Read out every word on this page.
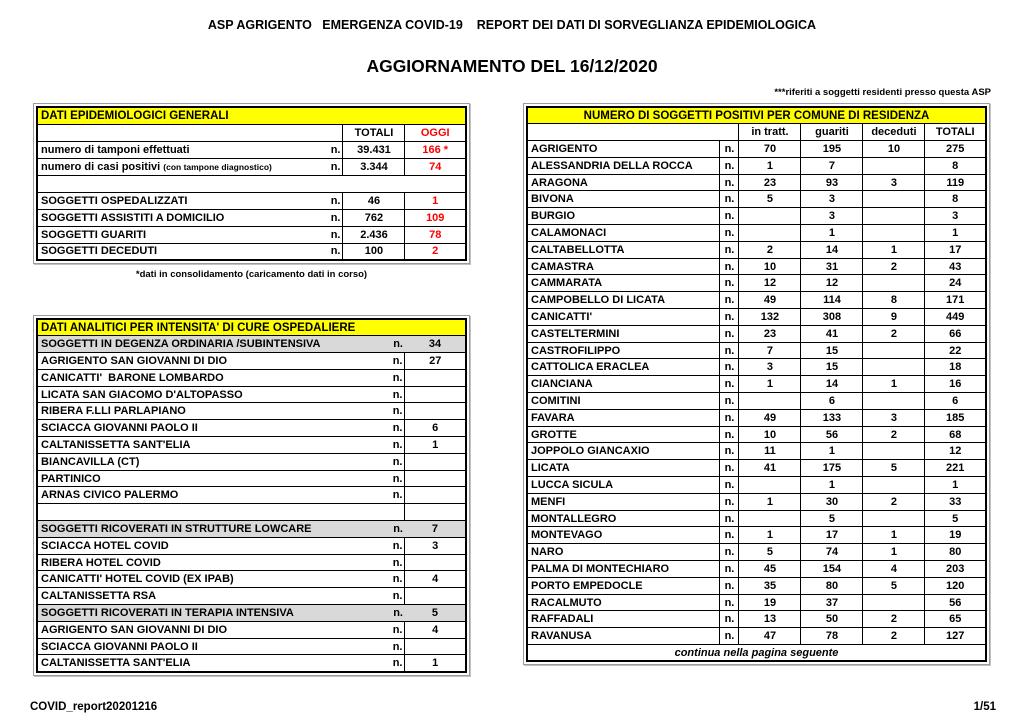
ASP AGRIGENTO   EMERGENZA COVID-19    REPORT DEI DATI DI SORVEGLIANZA EPIDEMIOLOGICA
AGGIORNAMENTO DEL 16/12/2020
***riferiti a soggetti residenti presso questa ASP
DATI EPIDEMIOLOGICI GENERALI			
		TOTALI	OGGI
numero di tamponi effettuati	n.	39.431	166 *
numero di casi positivi (con tampone diagnostico)	n.	3.344	74

SOGGETTI OSPEDALIZZATI	n.	46	1
SOGGETTI ASSISTITI A DOMICILIO	n.	762	109
SOGGETTI GUARITI	n.	2.436	78
SOGGETTI DECEDUTI	n.	100	2
*dati in consolidamento (caricamento dati in corso)
DATI ANALITICI PER INTENSITA' DI CURE OSPEDALIERE		
SOGGETTI IN DEGENZA ORDINARIA /SUBINTENSIVA	n.	34
AGRIGENTO SAN GIOVANNI DI DIO	n.	27
CANICATTI'  BARONE LOMBARDO	n.	
LICATA SAN GIACOMO D'ALTOPASSO	n.	
RIBERA F.LLI PARLAPIANO	n.	
SCIACCA GIOVANNI PAOLO II	n.	6
CALTANISSETTA SANT'ELIA	n.	1
BIANCAVILLA (CT)	n.	
PARTINICO	n.	
ARNAS CIVICO PALERMO	n.	

SOGGETTI RICOVERATI IN STRUTTURE LOWCARE	n.	7
SCIACCA HOTEL COVID	n.	3
RIBERA HOTEL COVID	n.	
CANICATTI' HOTEL COVID (EX IPAB)	n.	4
CALTANISSETTA RSA	n.	
SOGGETTI RICOVERATI IN TERAPIA INTENSIVA	n.	5
AGRIGENTO SAN GIOVANNI DI DIO	n.	4
SCIACCA GIOVANNI PAOLO II	n.	
CALTANISSETTA SANT'ELIA	n.	1
NUMERO DI SOGGETTI POSITIVI PER COMUNE DI RESIDENZA					
		in tratt.	guariti	deceduti	TOTALI
AGRIGENTO	n.	70	195	10	275
ALESSANDRIA DELLA ROCCA	n.	1	7		8
ARAGONA	n.	23	93	3	119
BIVONA	n.	5	3		8
BURGIO	n.		3		3
CALAMONACI	n.		1		1
CALTABELLOTTA	n.	2	14	1	17
CAMASTRA	n.	10	31	2	43
CAMMARATA	n.	12	12		24
CAMPOBELLO DI LICATA	n.	49	114	8	171
CANICATTI'	n.	132	308	9	449
CASTELTERMINI	n.	23	41	2	66
CASTROFILIPPO	n.	7	15		22
CATTOLICA ERACLEA	n.	3	15		18
CIANCIANA	n.	1	14	1	16
COMITINI	n.		6		6
FAVARA	n.	49	133	3	185
GROTTE	n.	10	56	2	68
JOPPOLO GIANCAXIO	n.	11	1		12
LICATA	n.	41	175	5	221
LUCCA SICULA	n.		1		1
MENFI	n.	1	30	2	33
MONTALLEGRO	n.		5		5
MONTEVAGO	n.	1	17	1	19
NARO	n.	5	74	1	80
PALMA DI MONTECHIARO	n.	45	154	4	203
PORTO EMPEDOCLE	n.	35	80	5	120
RACALMUTO	n.	19	37		56
RAFFADALI	n.	13	50	2	65
RAVANUSA	n.	47	78	2	127
continua nella pagina seguente					
COVID_report20201216	1/51
